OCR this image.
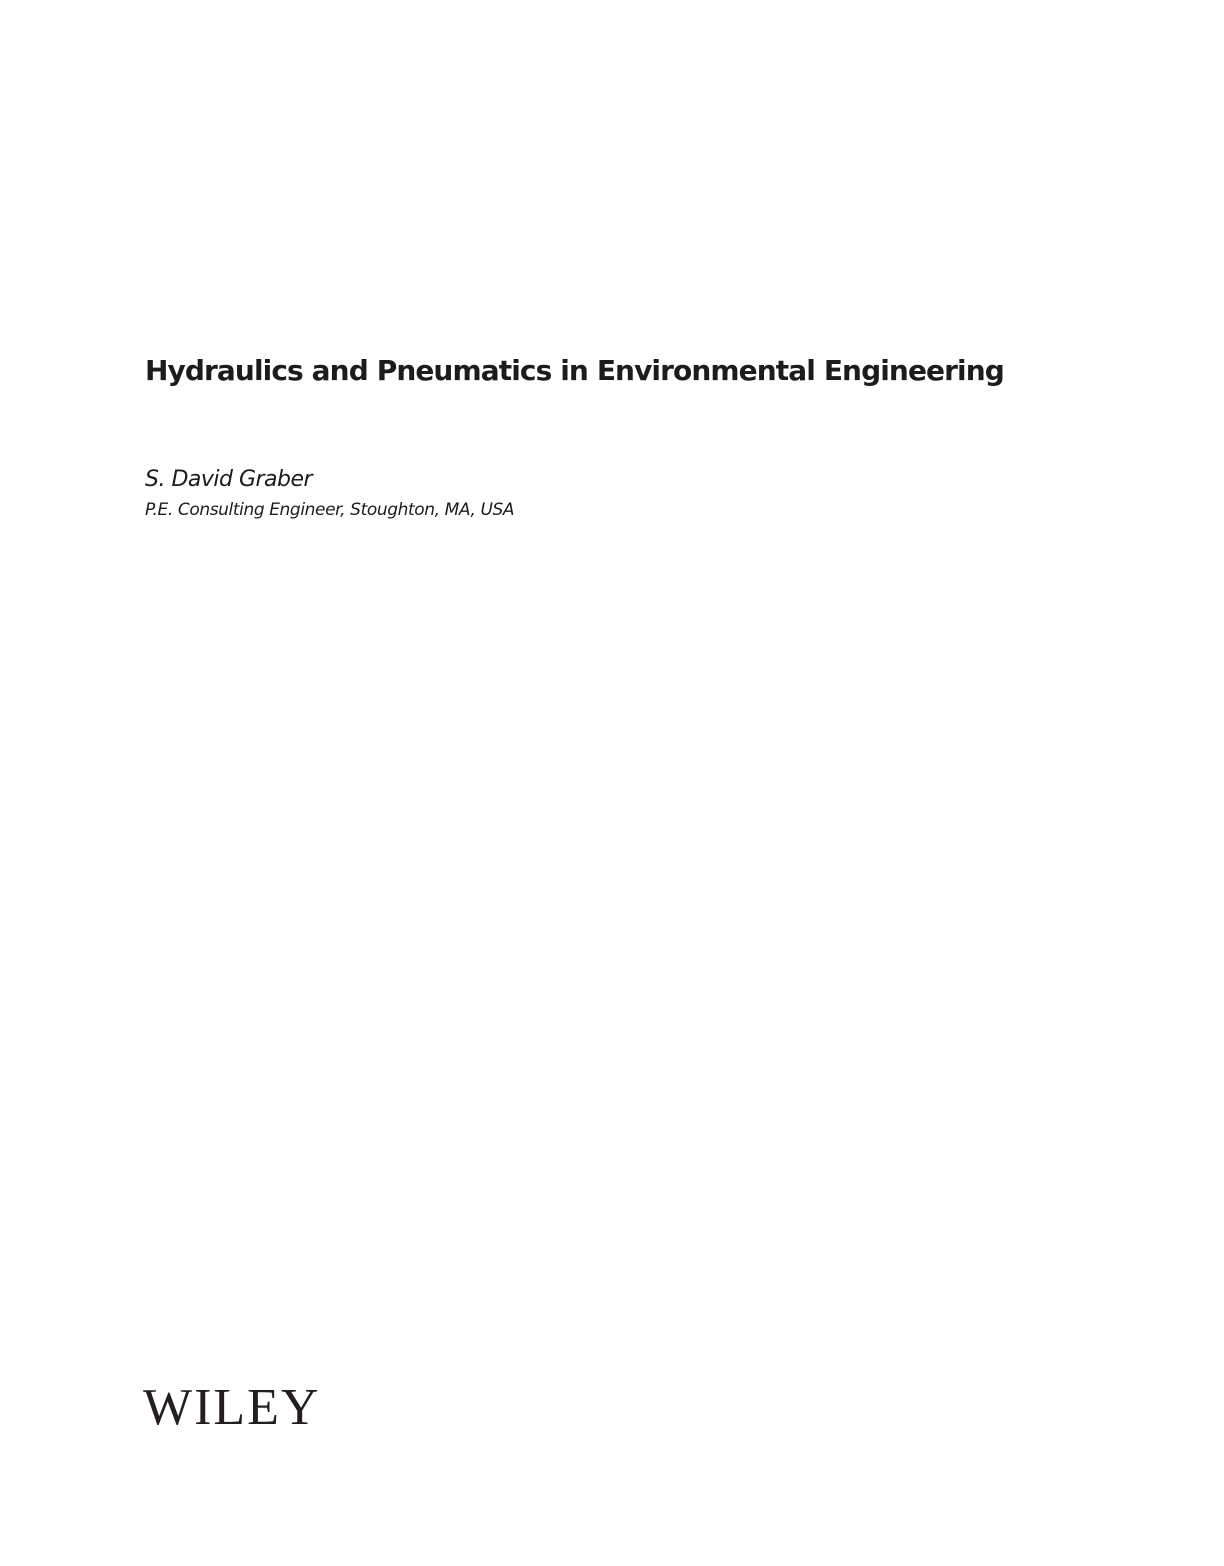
Hydraulics and Pneumatics in Environmental Engineering
S. David Graber
P.E. Consulting Engineer, Stoughton, MA, USA
WILEY
